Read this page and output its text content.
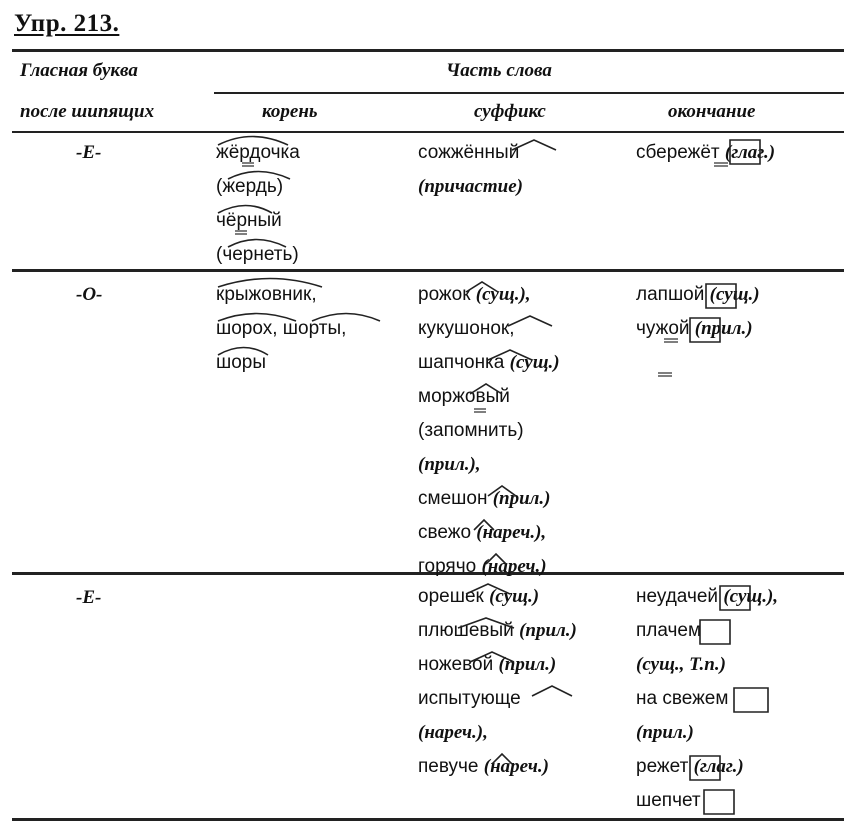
Упр. 213.
Гласная буква
после шипящих
Часть слова
корень	суффикс	окончание
-Е-
-О-
-Е-
жёрдочка
(жердь)
чёрный
(чернеть)
сожжённый
(причастие)
сбережёт (глаг.)
крыжовник,
шорох, шорты,
шоры
рожок (сущ.),
кукушонок,
шапчонка (сущ.)
моржовый
(запомнить)
(прил.),
смешон (прил.)
свежо (нареч.),
горячо (нареч.)
лапшой (сущ.)
чужой (прил.)
орешек (сущ.)
плюшевый (прил.)
ножевой (прил.)
испытующе
(нареч.),
певуче (нареч.)
неудачей (сущ.),
плачем
(сущ., Т.п.)
на свежем
(прил.)
режет (глаг.)
шепчет
